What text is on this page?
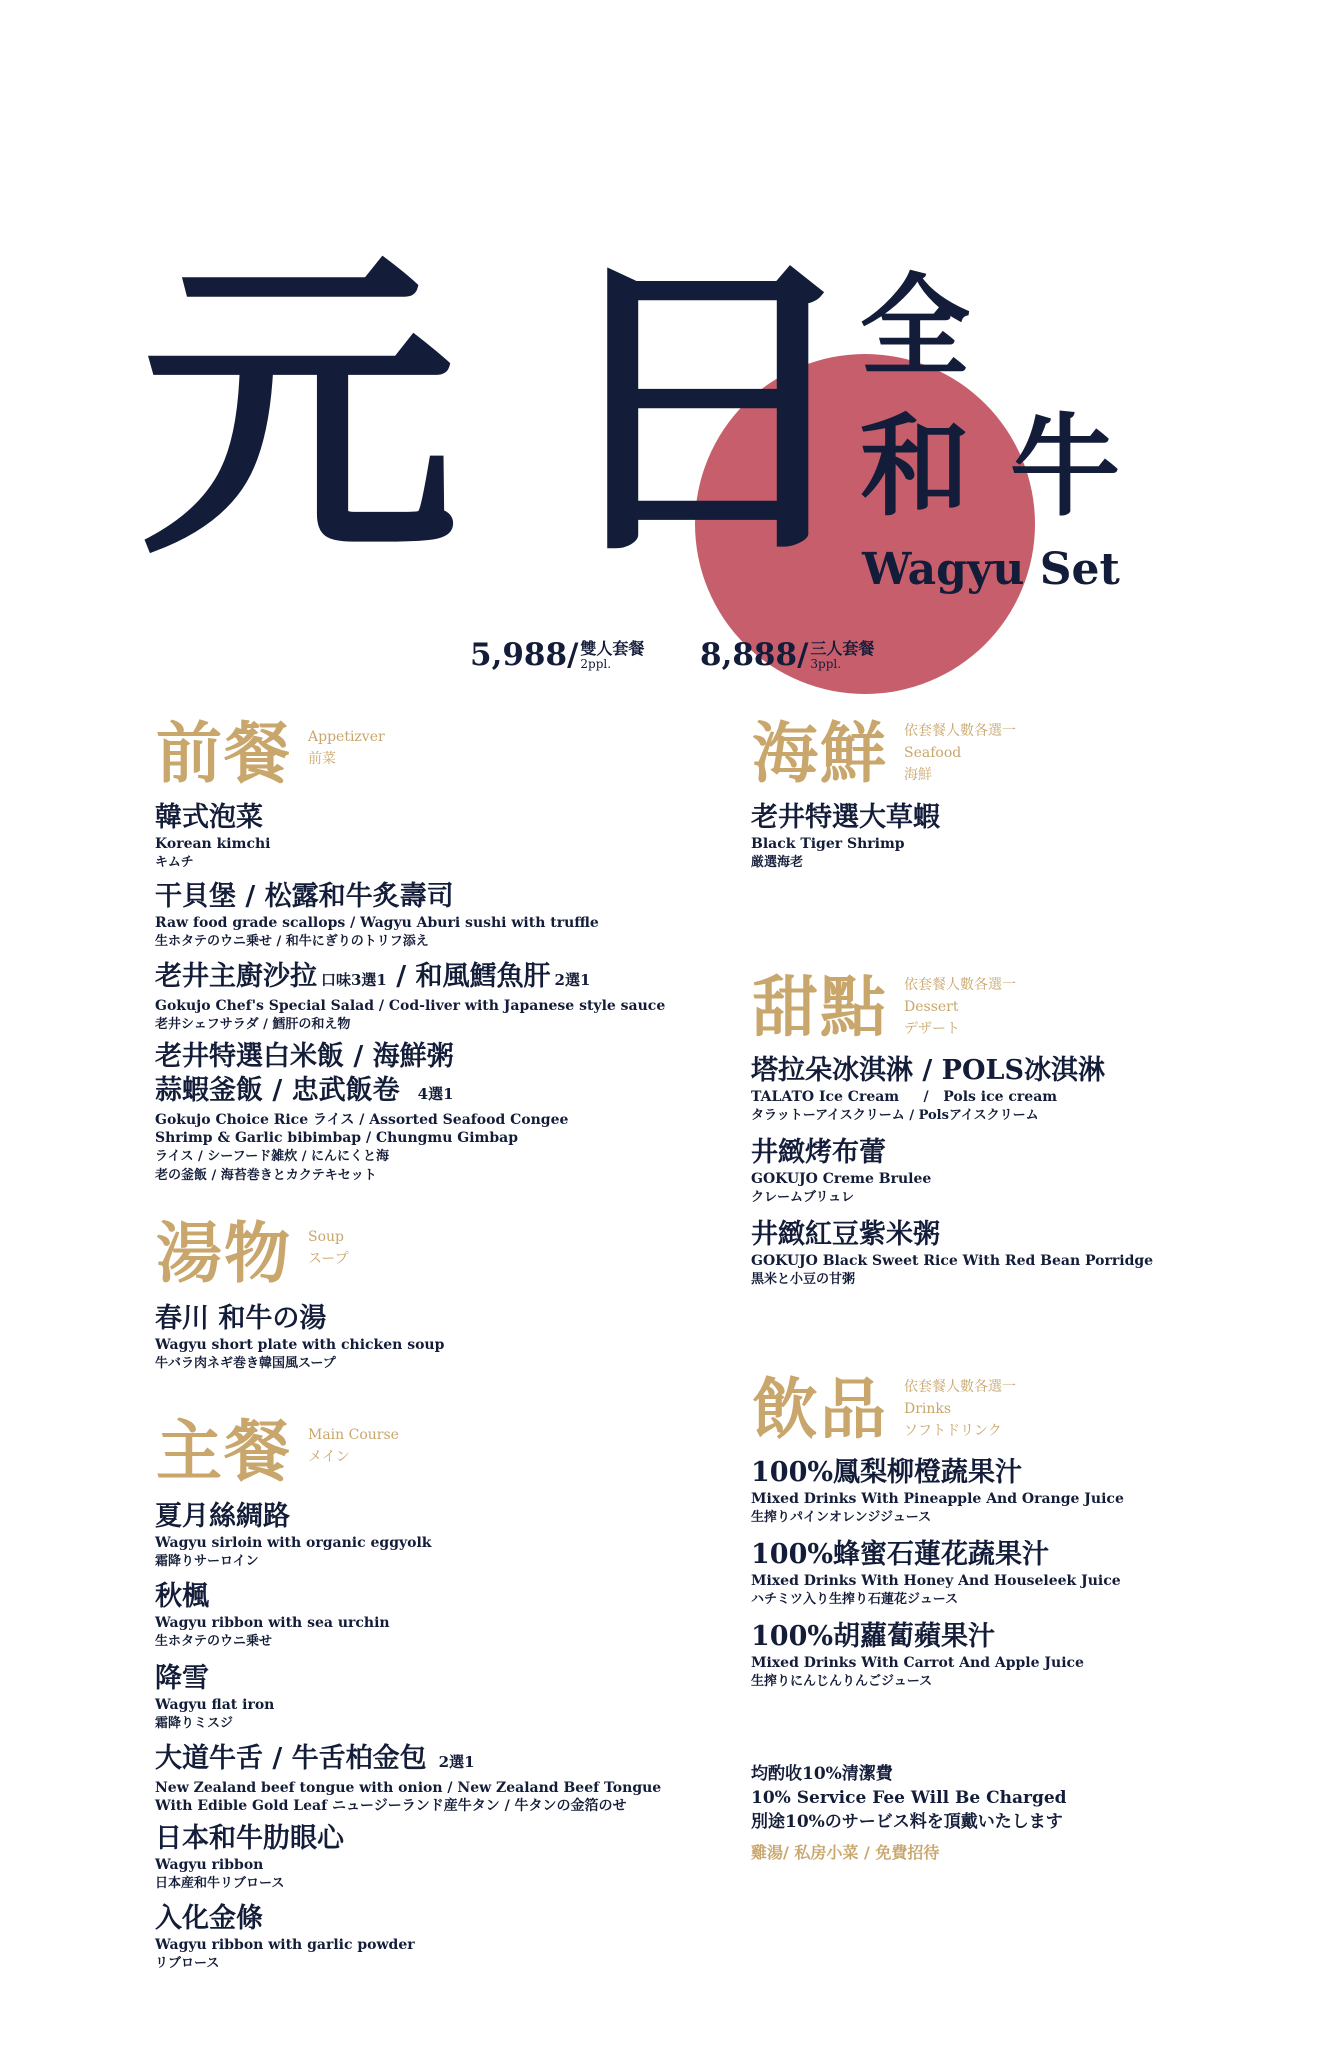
元 日
全
和 牛
Wagyu Set
5,988/ 雙人套餐
2ppl.	8,888/ 三人套餐
3ppl.
前餐 Appetizver
前菜
韓式泡菜
Korean kimchi
キムチ
干貝堡 / 松露和牛炙壽司
Raw food grade scallops / Wagyu Aburi sushi with truffle
生ホタテのウニ乗せ / 和牛にぎりのトリフ添え
老井主廚沙拉 口味3選1 / 和風鱈魚肝 2選1
Gokujo Chef's Special Salad / Cod-liver with Japanese style sauce
老井シェフサラダ / 鱈肝の和え物
老井特選白米飯 / 海鮮粥
蒜蝦釜飯 / 忠武飯卷 4選1
Gokujo Choice Rice ライス / Assorted Seafood Congee
Shrimp & Garlic bibimbap / Chungmu Gimbap
ライス / シーフード雑炊 / にんにくと海
老の釜飯 / 海苔巻きとカクテキセット
湯物 Soup
スープ
春川 和牛の湯
Wagyu short plate with chicken soup
牛バラ肉ネギ巻き韓国風スープ
主餐 Main Course
メイン
夏月絲綢路
Wagyu sirloin with organic eggyolk
霜降りサーロイン
秋楓
Wagyu ribbon with sea urchin
生ホタテのウニ乗せ
降雪
Wagyu flat iron
霜降りミスジ
大道牛舌 / 牛舌柏金包 2選1
New Zealand beef tongue with onion / New Zealand Beef Tongue
With Edible Gold Leaf ニュージーランド産牛タン / 牛タンの金箔のせ
日本和牛肋眼心
Wagyu ribbon
日本産和牛リブロース
入化金條
Wagyu ribbon with garlic powder
リブロース
海鮮 依套餐人數各選一
Seafood
海鮮
老井特選大草蝦
Black Tiger Shrimp
厳選海老
甜點 依套餐人數各選一
Dessert
デザート
塔拉朵冰淇淋 / POLS冰淇淋
TALATO Ice Cream     /   Pols ice cream
タラットーアイスクリーム / Polsアイスクリーム
井緻烤布蕾
GOKUJO Creme Brulee
クレームブリュレ
井緻紅豆紫米粥
GOKUJO Black Sweet Rice With Red Bean Porridge
黒米と小豆の甘粥
飲品 依套餐人數各選一
Drinks
ソフトドリンク
100%鳳梨柳橙蔬果汁
Mixed Drinks With Pineapple And Orange Juice
生搾りパインオレンジジュース
100%蜂蜜石蓮花蔬果汁
Mixed Drinks With Honey And Houseleek Juice
ハチミツ入り生搾り石蓮花ジュース
100%胡蘿蔔蘋果汁
Mixed Drinks With Carrot And Apple Juice
生搾りにんじんりんごジュース
均酌收10%清潔費
10% Service Fee Will Be Charged
別途10%のサービス料を頂戴いたします
雞湯/ 私房小菜 / 免費招待
